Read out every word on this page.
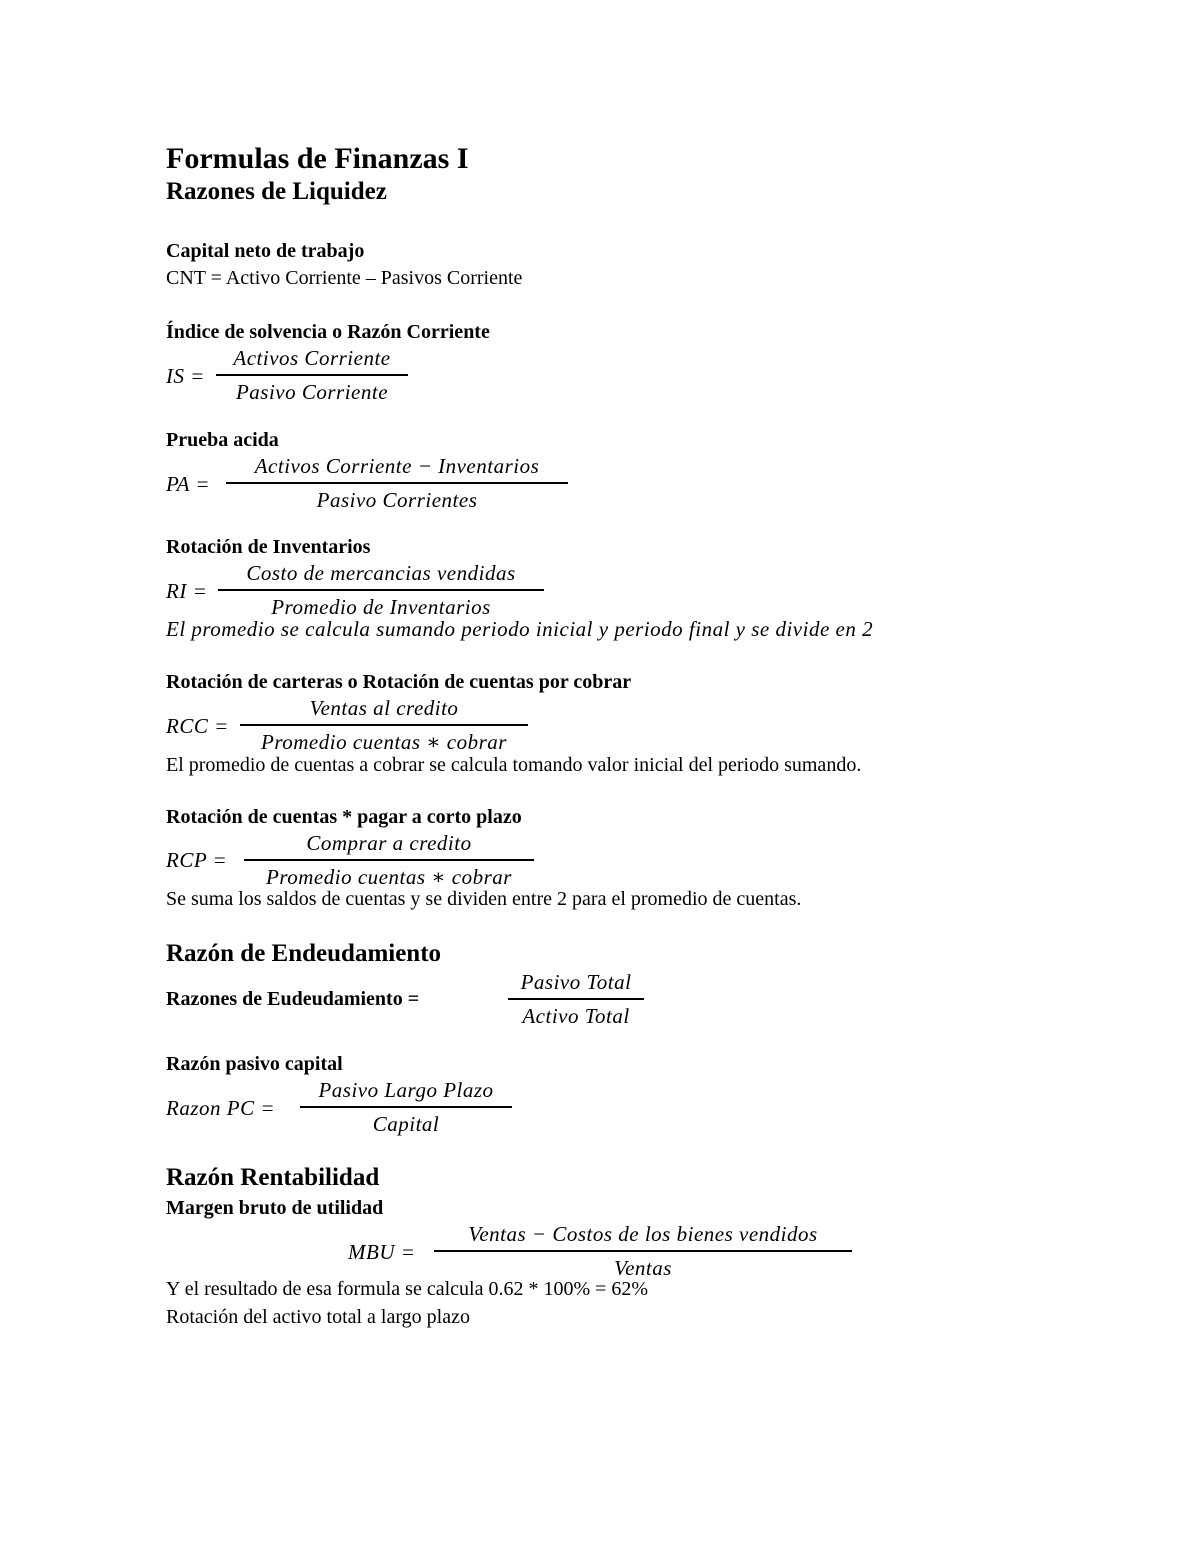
Formulas de Finanzas I
Razones de Liquidez
Capital neto de trabajo
CNT = Activo Corriente – Pasivos Corriente
Índice de solvencia o Razón Corriente
IS =
Activos Corriente
Pasivo Corriente
Prueba acida
PA =
Activos Corriente − Inventarios
Pasivo Corrientes
Rotación de Inventarios
RI =
Costo de mercancias vendidas
Promedio de Inventarios
El promedio se calcula sumando periodo inicial y periodo final y se divide en 2
Rotación de carteras o Rotación de cuentas por cobrar
RCC =
Ventas al credito
Promedio cuentas ∗ cobrar
El promedio de cuentas a cobrar se calcula tomando valor inicial del periodo sumando.
Rotación de cuentas * pagar a corto plazo
RCP =
Comprar a credito
Promedio cuentas ∗ cobrar
Se suma los saldos de cuentas y se dividen entre 2 para el promedio de cuentas.
Razón de Endeudamiento
Razones de Eudeudamiento =
Pasivo Total
Activo Total
Razón pasivo capital
Razon PC =
Pasivo Largo Plazo
Capital
Razón Rentabilidad
Margen bruto de utilidad
MBU =
Ventas − Costos de los bienes vendidos
Ventas
Y el resultado de esa formula se calcula 0.62 * 100% = 62%
Rotación del activo total a largo plazo
